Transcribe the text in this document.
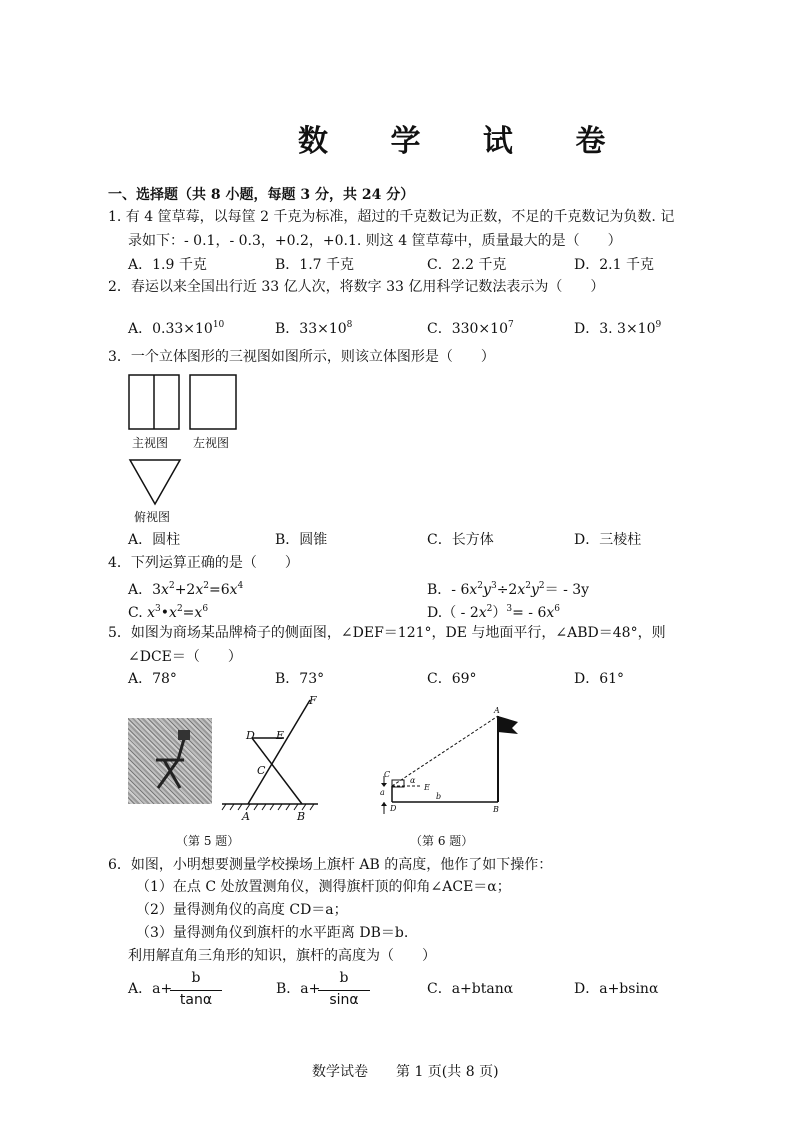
数 学 试 卷
一、选择题（共 8 小题，每题 3 分，共 24 分）
1. 有 4 筐草莓，以每筐 2 千克为标准，超过的千克数记为正数，不足的千克数记为负数. 记
录如下：- 0.1，- 0.3，+0.2，+0.1. 则这 4 筐草莓中，质量最大的是（　　）
A．1.9 千克	B．1.7 千克	C．2.2 千克	D．2.1 千克
2．春运以来全国出行近 33 亿人次，将数字 33 亿用科学记数法表示为（　　）
A．$0.33\times 10^{10}$	B．$33\times 10^8$	C．$330\times 10^7$	D．3. $3\times 10^9$
3．一个立体图形的三视图如图所示，则该立体图形是（　　）
主视图 左视图
俯视图
A．圆柱	B．圆锥	C．长方体	D．三棱柱
4．下列运算正确的是（　　）
A．$3x^2+2x^2=6x^4$	B．- $6x^2y^3\div 2x^2y^2= - 3y$
C. $x^3•x^2=x^6$	$D.( - 2x^2)^3= - 6x^6$
5．如图为商场某品牌椅子的侧面图，∠DEF＝121°，DE 与地面平行，∠ABD＝48°，则
∠DCE＝（　　）
A．78°	B．73°	C．69°	D．61°
D E
F
C
A	B
（第 5 题）
A
C
α
E
a
D
b
B
（第 6 题）
6．如图，小明想要测量学校操场上旗杆 AB 的高度，他作了如下操作：
（1）在点 C 处放置测角仪，测得旗杆顶的仰角∠ACE＝α；
（2）量得测角仪的高度 CD＝a；
（3）量得测角仪到旗杆的水平距离 DB＝b.
利用解直角三角形的知识，旗杆的高度为（　　）
A．a+
b
tanα
B．a+
b
sinα
C．a+btanα	D．a+bsinα
数学试卷　　第 1 页(共 8 页)
